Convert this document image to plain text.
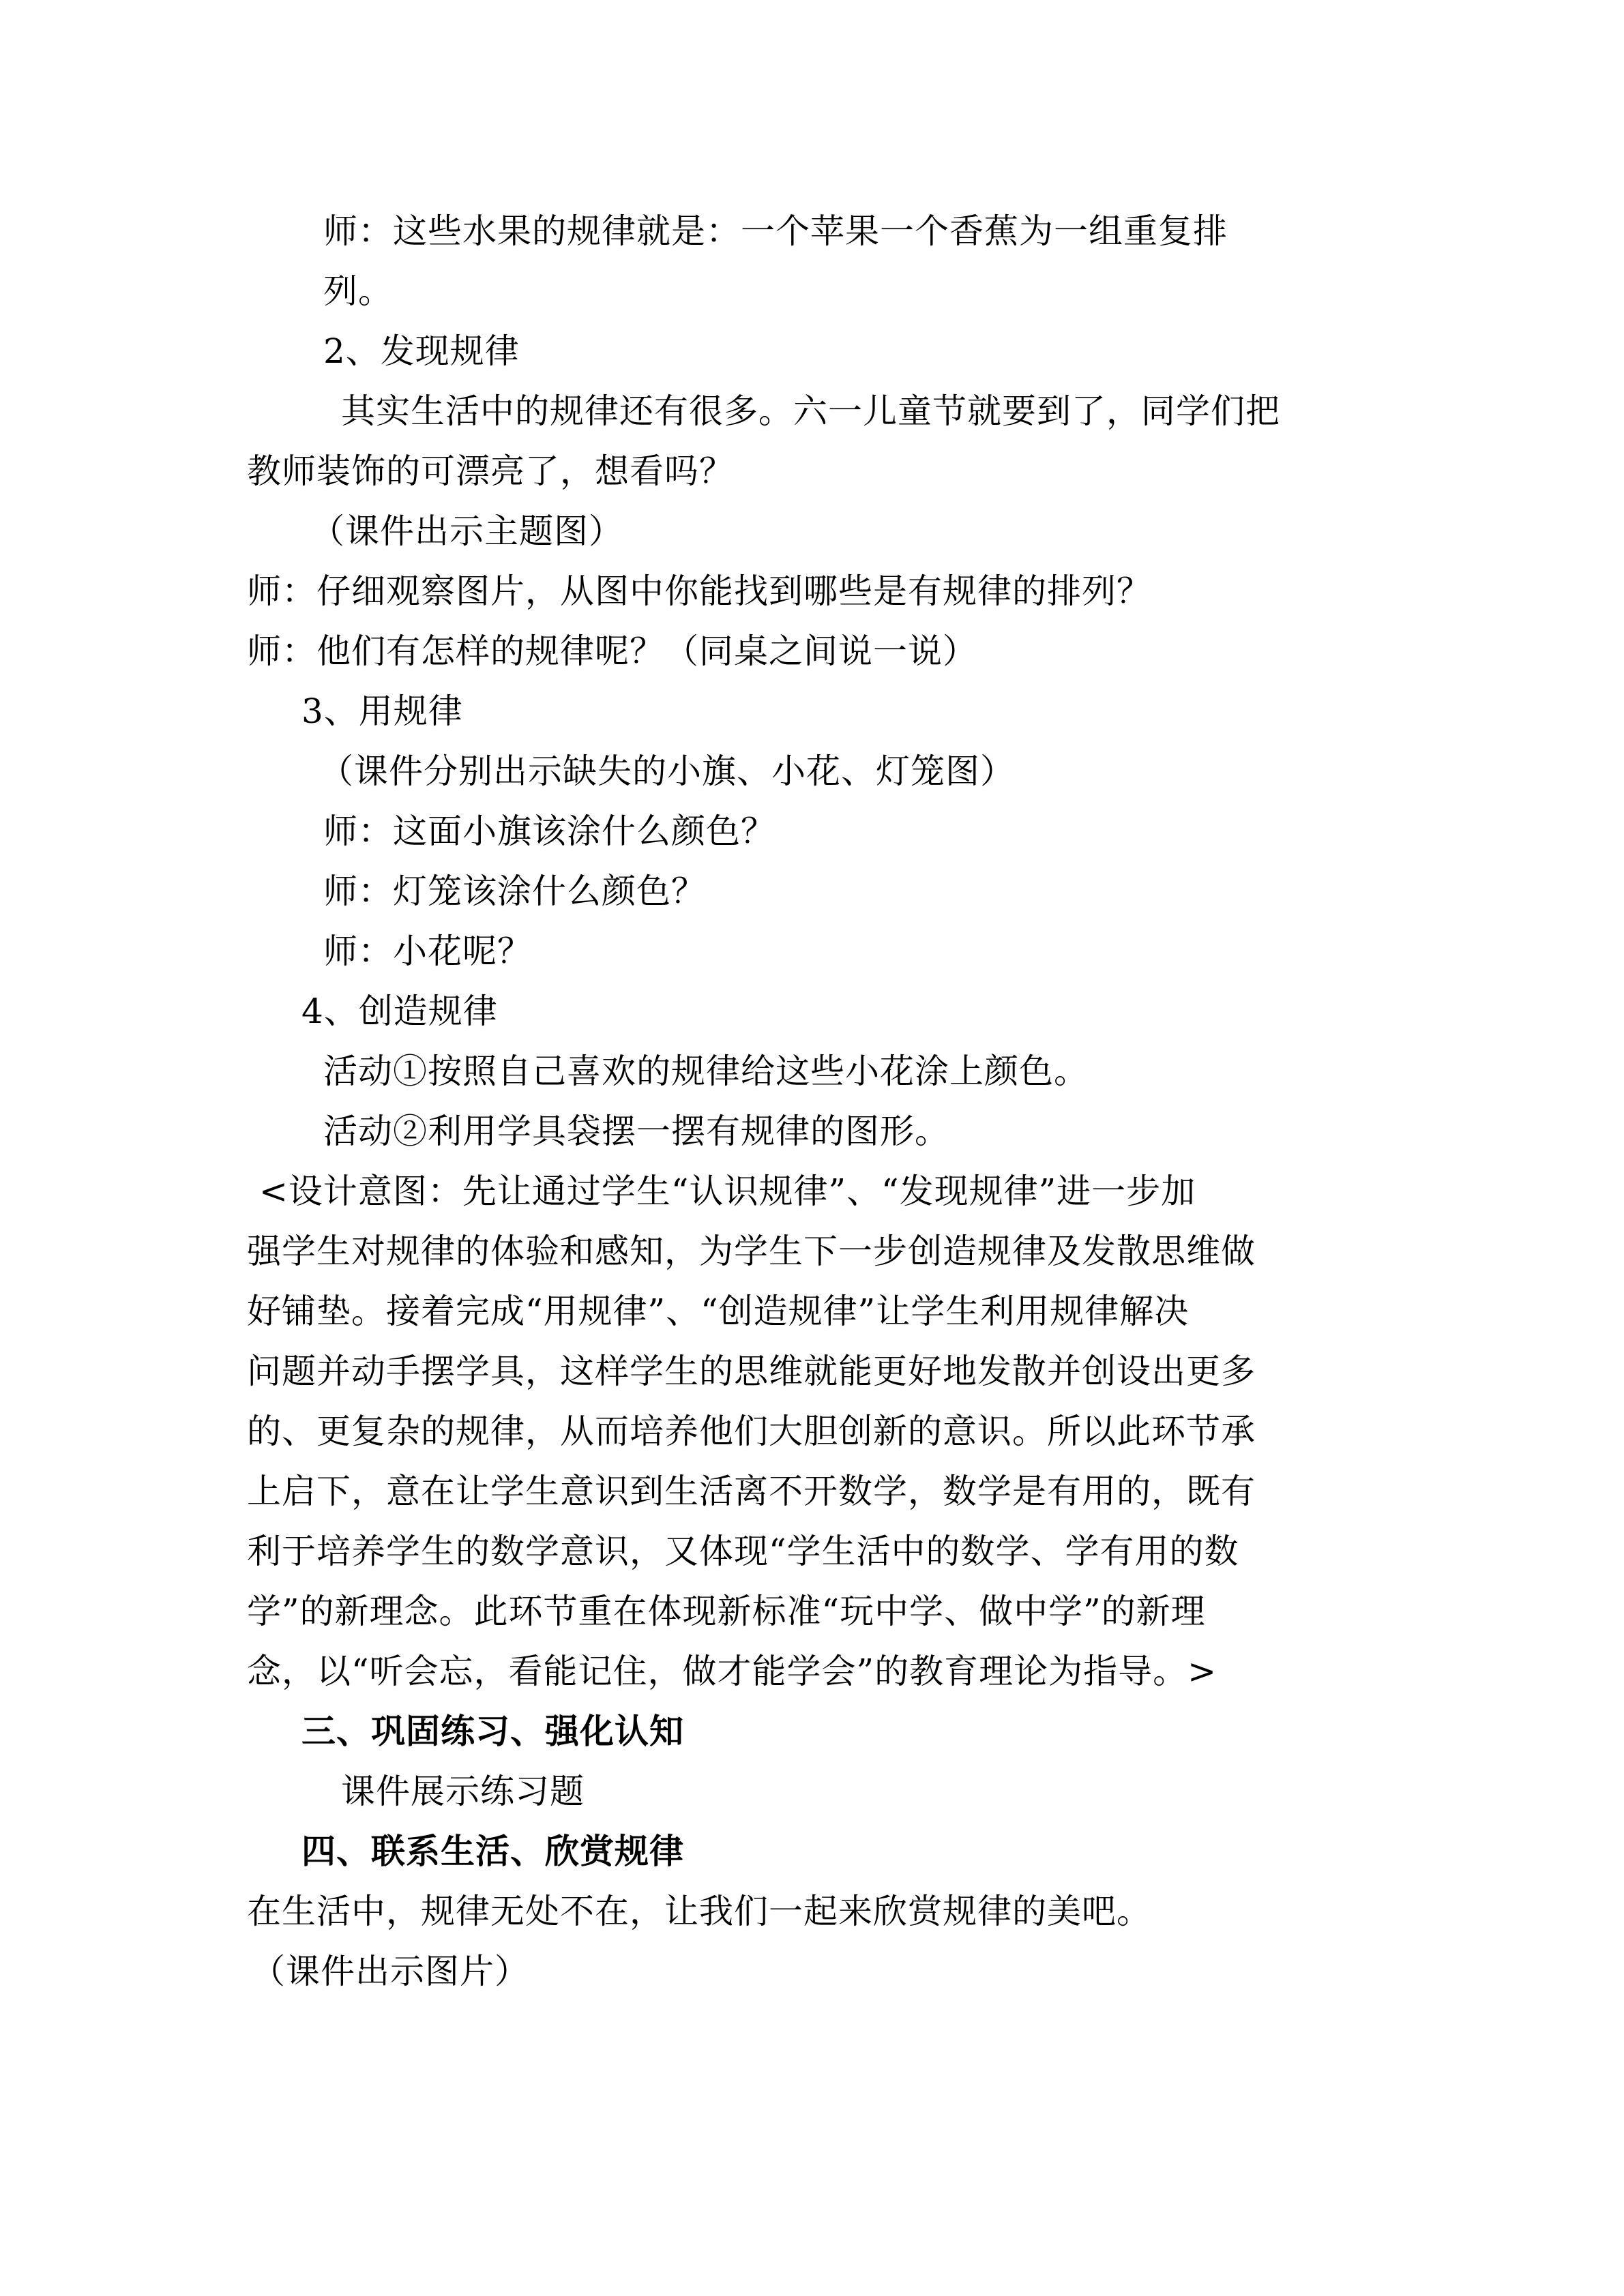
师：这些水果的规律就是：一个苹果一个香蕉为一组重复排
列。
2、发现规律
其实生活中的规律还有很多。六一儿童节就要到了，同学们把
教师装饰的可漂亮了，想看吗？
（课件出示主题图）
师：仔细观察图片，从图中你能找到哪些是有规律的排列？
师：他们有怎样的规律呢？（同桌之间说一说）
3、用规律
（课件分别出示缺失的小旗、小花、灯笼图）
师：这面小旗该涂什么颜色？
师：灯笼该涂什么颜色？
师：小花呢？
4、创造规律
活动①按照自己喜欢的规律给这些小花涂上颜色。
活动②利用学具袋摆一摆有规律的图形。
<设计意图：先让通过学生“认识规律”、“发现规律”进一步加
强学生对规律的体验和感知，为学生下一步创造规律及发散思维做
好铺垫。接着完成“用规律”、“创造规律”让学生利用规律解决
问题并动手摆学具，这样学生的思维就能更好地发散并创设出更多
的、更复杂的规律，从而培养他们大胆创新的意识。所以此环节承
上启下，意在让学生意识到生活离不开数学，数学是有用的，既有
利于培养学生的数学意识，又体现“学生活中的数学、学有用的数
学”的新理念。此环节重在体现新标准“玩中学、做中学”的新理
念，以“听会忘，看能记住，做才能学会”的教育理论为指导。>
三、巩固练习、强化认知
课件展示练习题
四、联系生活、欣赏规律
在生活中，规律无处不在，让我们一起来欣赏规律的美吧。
（课件出示图片）
